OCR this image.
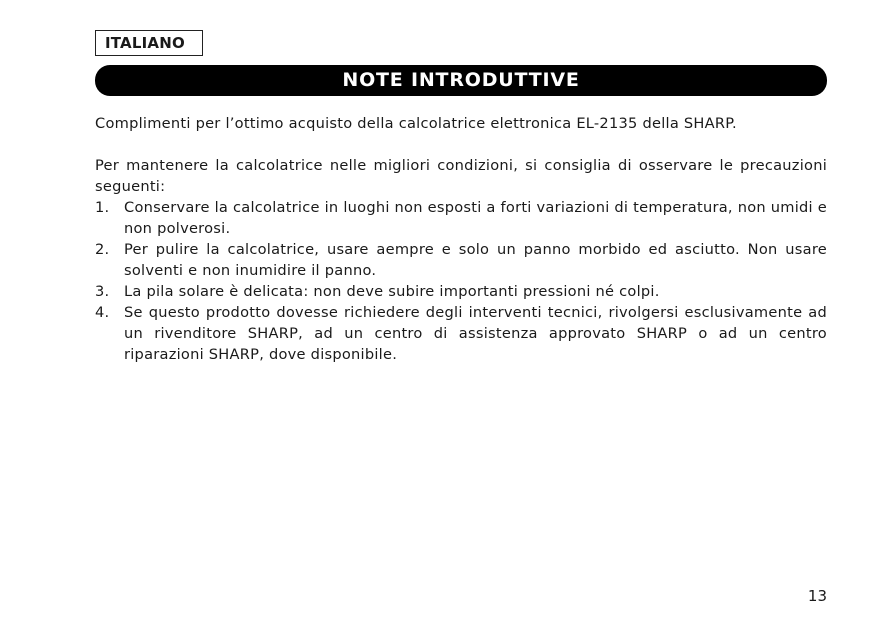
ITALIANO
NOTE INTRODUTTIVE

Complimenti per l’ottimo acquisto della calcolatrice elettronica EL-2135 della SHARP.

Per mantenere la calcolatrice nelle migliori condizioni, si consiglia di osservare le precauzioni seguenti:

1. Conservare la calcolatrice in luoghi non esposti a forti variazioni di temperatura, non umidi e non polverosi.
2. Per pulire la calcolatrice, usare aempre e solo un panno morbido ed asciutto. Non usare solventi e non inumidire il panno.
3. La pila solare è delicata: non deve subire importanti pressioni né colpi.
4. Se questo prodotto dovesse richiedere degli interventi tecnici, rivolgersi esclusivamente ad un rivenditore SHARP, ad un centro di assistenza approvato SHARP o ad un centro riparazioni SHARP, dove disponibile.
13
